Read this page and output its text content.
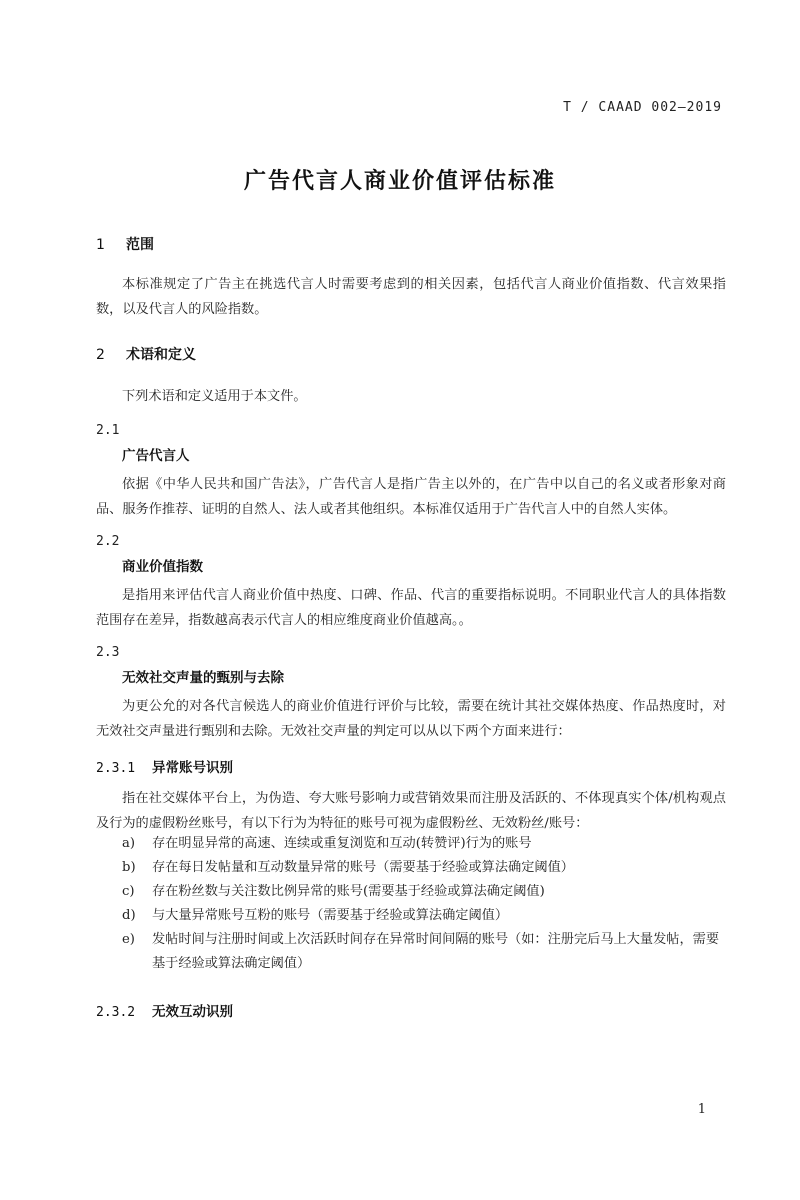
T / CAAAD 002—2019
广告代言人商业价值评估标准
1 范围
本标准规定了广告主在挑选代言人时需要考虑到的相关因素，包括代言人商业价值指数、代言效果指数，以及代言人的风险指数。
2 术语和定义
下列术语和定义适用于本文件。
2.1
广告代言人
依据《中华人民共和国广告法》，广告代言人是指广告主以外的，在广告中以自己的名义或者形象对商品、服务作推荐、证明的自然人、法人或者其他组织。本标准仅适用于广告代言人中的自然人实体。
2.2
商业价值指数
是指用来评估代言人商业价值中热度、口碑、作品、代言的重要指标说明。不同职业代言人的具体指数范围存在差异，指数越高表示代言人的相应维度商业价值越高。。
2.3
无效社交声量的甄别与去除
为更公允的对各代言候选人的商业价值进行评价与比较，需要在统计其社交媒体热度、作品热度时，对无效社交声量进行甄别和去除。无效社交声量的判定可以从以下两个方面来进行：
2.3.1 异常账号识别
指在社交媒体平台上，为伪造、夸大账号影响力或营销效果而注册及活跃的、不体现真实个体/机构观点及行为的虚假粉丝账号，有以下行为为特征的账号可视为虚假粉丝、无效粉丝/账号：
a) 存在明显异常的高速、连续或重复浏览和互动(转赞评)行为的账号
b) 存在每日发帖量和互动数量异常的账号（需要基于经验或算法确定阈值）
c) 存在粉丝数与关注数比例异常的账号(需要基于经验或算法确定阈值)
d) 与大量异常账号互粉的账号（需要基于经验或算法确定阈值）
e) 发帖时间与注册时间或上次活跃时间存在异常时间间隔的账号（如：注册完后马上大量发帖，需要基于经验或算法确定阈值）
2.3.2 无效互动识别
1
